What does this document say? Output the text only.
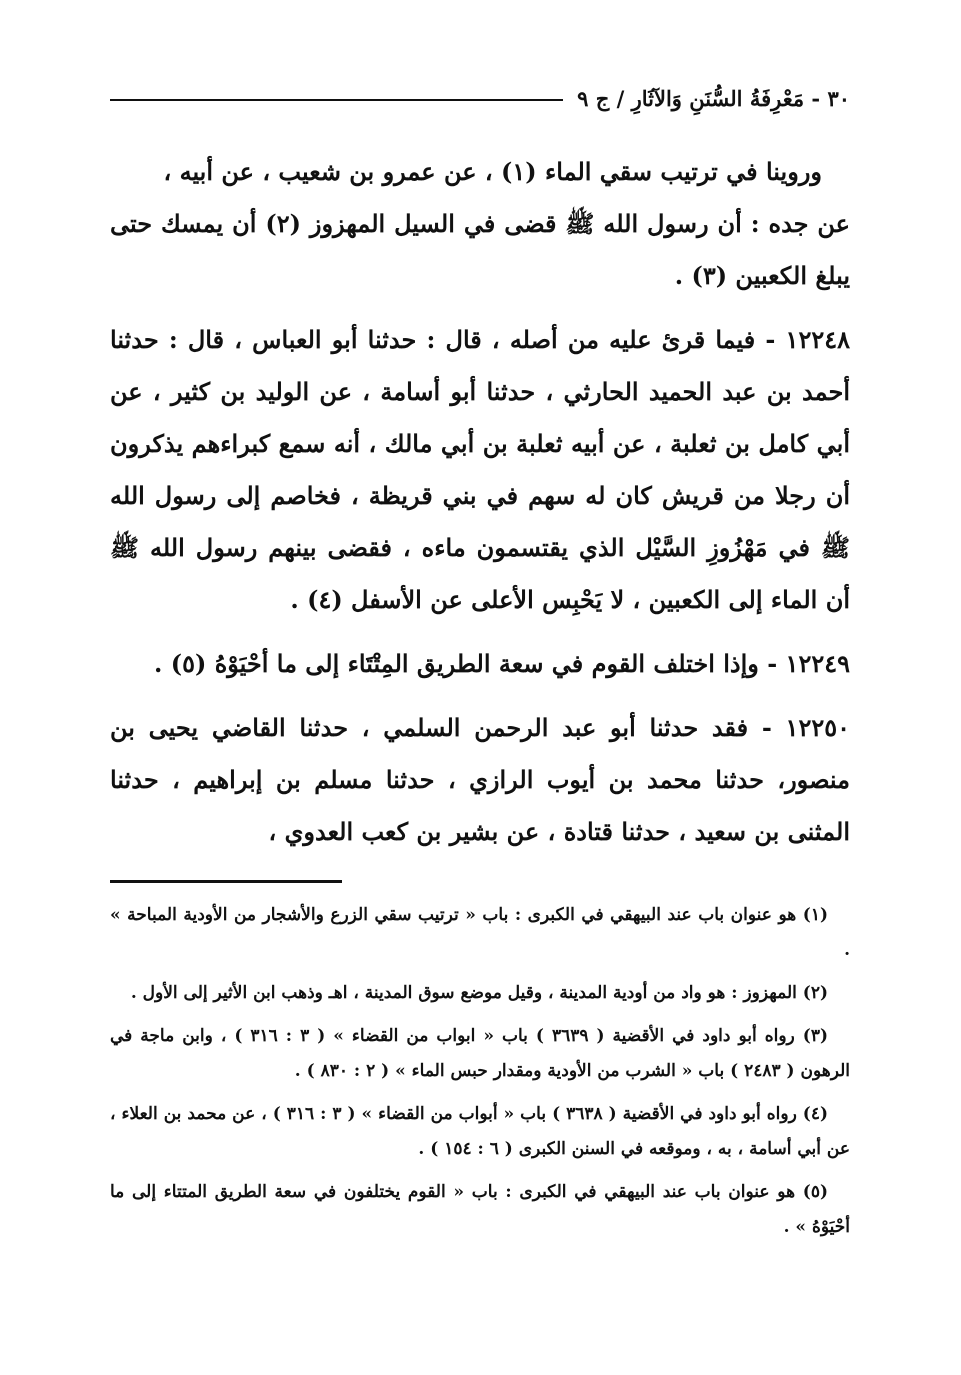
٣٠ - مَعْرِفَةُ السُّنَنِ وَالآثَارِ / ج ٩

وروينا في ترتيب سقي الماء (١) ، عن عمرو بن شعيب ، عن أبيه ،

عن جده : أن رسول الله ﷺ قضى في السيل المهزوز (٢) أن يمسك حتى يبلغ الكعبين (٣) .

١٢٢٤٨ - فيما قرئ عليه من أصله ، قال : حدثنا أبو العباس ، قال : حدثنا أحمد بن عبد الحميد الحارثي ، حدثنا أبو أسامة ، عن الوليد بن كثير ، عن أبي كامل بن ثعلبة ، عن أبيه ثعلبة بن أبي مالك ، أنه سمع كبراءهم يذكرون أن رجلا من قريش كان له سهم في بني قريظة ، فخاصم إلى رسول الله ﷺ في مَهْزُوزِ السَّيْل الذي يقتسمون ماءه ، فقضى بينهم رسول الله ﷺ أن الماء إلى الكعبين ، لا يَحْبِس الأعلى عن الأسفل (٤) .

١٢٢٤٩ - وإذا اختلف القوم في سعة الطريق المِتْتَاء إلى ما أحْيَوْهُ (٥) .

١٢٢٥٠ - فقد حدثنا أبو عبد الرحمن السلمي ، حدثنا القاضي يحيى بن منصور، حدثنا محمد بن أيوب الرازي ، حدثنا مسلم بن إبراهيم ، حدثنا المثنى بن سعيد ، حدثنا قتادة ، عن بشير بن كعب العدوي ،

(١) هو عنوان باب عند البيهقي في الكبرى : باب « ترتيب سقي الزرع والأشجار من الأودية المباحة » .

(٢) المهزوز : هو واد من أودية المدينة ، وقيل موضع سوق المدينة ، اهـ وذهب ابن الأثير إلى الأول .

(٣) رواه أبو داود في الأقضية ( ٣٦٣٩ ) باب « ابواب من القضاء » ( ٣ : ٣١٦ ) ، وابن ماجة في الرهون ( ٢٤٨٣ ) باب « الشرب من الأودية ومقدار حبس الماء » ( ٢ : ٨٣٠ ) .

(٤) رواه أبو داود في الأقضية ( ٣٦٣٨ ) باب « أبواب من القضاء » ( ٣ : ٣١٦ ) ، عن محمد بن العلاء ، عن أبي أسامة ، به ، وموقعه في السنن الكبرى ( ٦ : ١٥٤ ) .

(٥) هو عنوان باب عند البيهقي في الكبرى : باب « القوم يختلفون في سعة الطريق المتتاء إلى ما أحْيَوْهُ » .
